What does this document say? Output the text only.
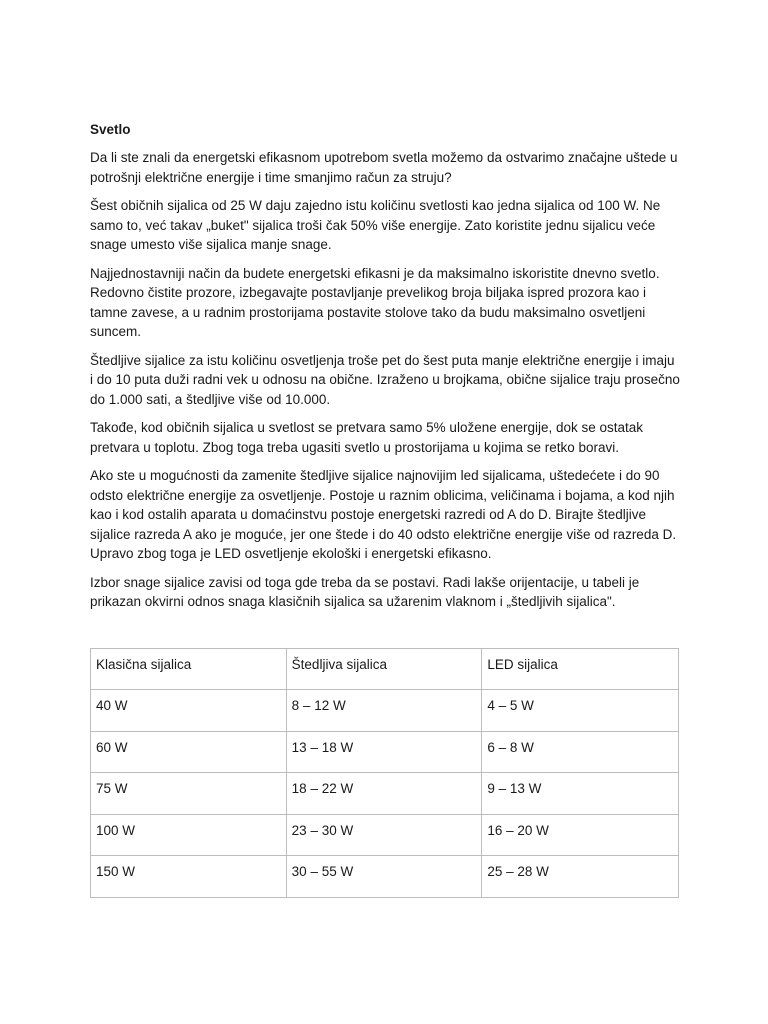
Svetlo

Da li ste znali da energetski efikasnom upotrebom svetla možemo da ostvarimo značajne uštede u potrošnji električne energije i time smanjimo račun za struju?

Šest običnih sijalica od 25 W daju zajedno istu količinu svetlosti kao jedna sijalica od 100 W. Ne samo to, već takav „buket" sijalica troši čak 50% više energije. Zato koristite jednu sijalicu veće snage umesto više sijalica manje snage.

Najjednostavniji način da budete energetski efikasni je da maksimalno iskoristite dnevno svetlo. Redovno čistite prozore, izbegavajte postavljanje prevelikog broja biljaka ispred prozora kao i tamne zavese, a u radnim prostorijama postavite stolove tako da budu maksimalno osvetljeni suncem.

Štedljive sijalice za istu količinu osvetljenja troše pet do šest puta manje električne energije i imaju i do 10 puta duži radni vek u odnosu na obične. Izraženo u brojkama, obične sijalice traju prosečno do 1.000 sati, a štedljive više od 10.000.

Takođe, kod običnih sijalica u svetlost se pretvara samo 5% uložene energije, dok se ostatak pretvara u toplotu. Zbog toga treba ugasiti svetlo u prostorijama u kojima se retko boravi.

Ako ste u mogućnosti da zamenite štedljive sijalice najnovijim led sijalicama, uštedećete i do 90 odsto električne energije za osvetljenje. Postoje u raznim oblicima, veličinama i bojama, a kod njih kao i kod ostalih aparata u domaćinstvu postoje energetski razredi od A do D. Birajte štedljive sijalice razreda A ako je moguće, jer one štede i do 40 odsto električne energije više od razreda D. Upravo zbog toga je LED osvetljenje ekološki i energetski efikasno.

Izbor snage sijalice zavisi od toga gde treba da se postavi. Radi lakše orijentacije, u tabeli je prikazan okvirni odnos snaga klasičnih sijalica sa užarenim vlaknom i „štedljivih sijalica".

Klasična sijalica	Štedljiva sijalica	LED sijalica
40 W	8 – 12 W	4 – 5 W
60 W	13 – 18 W	6 – 8 W
75 W	18 – 22 W	9 – 13 W
100 W	23 – 30 W	16 – 20 W
150 W	30 – 55 W	25 – 28 W
